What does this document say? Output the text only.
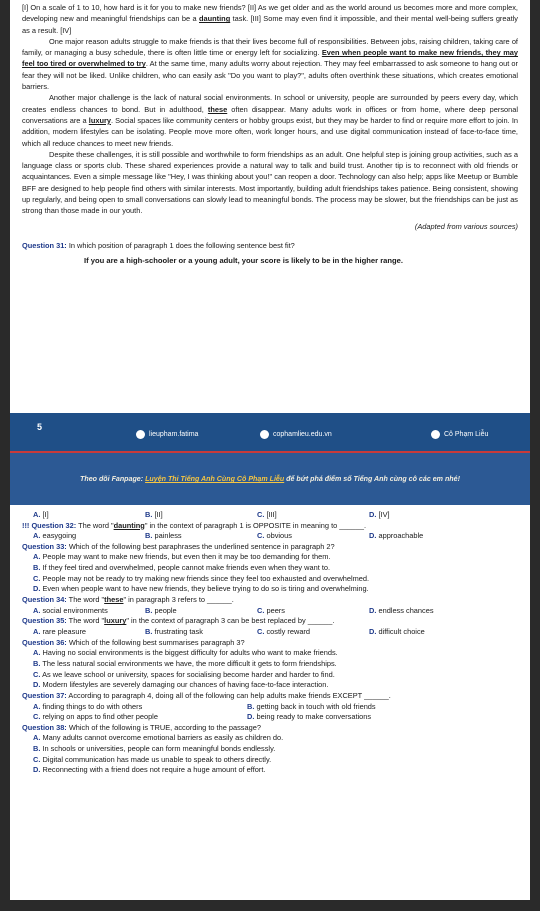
[I] On a scale of 1 to 10, how hard is it for you to make new friends? [II] As we get older and as the world around us becomes more and more complex, developing new and meaningful friendships can be a daunting task. [III] Some may even find it impossible, and their mental well-being suffers greatly as a result. [IV]

One major reason adults struggle to make friends is that their lives become full of responsibilities. Between jobs, raising children, taking care of family, or managing a busy schedule, there is often little time or energy left for socializing. Even when people want to make new friends, they may feel too tired or overwhelmed to try. At the same time, many adults worry about rejection. They may feel embarrassed to ask someone to hang out or fear they will not be liked. Unlike children, who can easily ask "Do you want to play?", adults often overthink these situations, which creates emotional barriers.

Another major challenge is the lack of natural social environments. In school or university, people are surrounded by peers every day, which creates endless chances to bond. But in adulthood, these often disappear. Many adults work in offices or from home, where deep personal conversations are a luxury. Social spaces like community centers or hobby groups exist, but they may be harder to find or require more effort to join. In addition, modern lifestyles can be isolating. People move more often, work longer hours, and use digital communication instead of face-to-face time, which all reduce chances to meet new friends.

Despite these challenges, it is still possible and worthwhile to form friendships as an adult. One helpful step is joining group activities, such as a language class or sports club. These shared experiences provide a natural way to talk and build trust. Another tip is to reconnect with old friends or acquaintances. Even a simple message like "Hey, I was thinking about you!" can reopen a door. Technology can also help; apps like Meetup or Bumble BFF are designed to help people find others with similar interests. Most importantly, building adult friendships takes patience. Being consistent, showing up regularly, and being open to small conversations can slowly lead to meaningful bonds. The process may be slower, but the friendships can be just as strong than those made in our youth.

(Adapted from various sources)

Question 31: In which position of paragraph 1 does the following sentence best fit?

If you are a high-schooler or a young adult, your score is likely to be in the higher range.
5
lieupham.fatima	cophamlieu.edu.vn	Cô Phạm Liễu
Theo dõi Fanpage: Luyện Thi Tiếng Anh Cùng Cô Phạm Liễu để bứt phá điểm số Tiếng Anh cùng cô các em nhé!
A. [I]	B. [II]	C. [III]	D. [IV]

!!! Question 32: The word "daunting" in the context of paragraph 1 is OPPOSITE in meaning to ______.

A. easygoing	B. painless	C. obvious	D. approachable

Question 33: Which of the following best paraphrases the underlined sentence in paragraph 2?

A. People may want to make new friends, but even then it may be too demanding for them.
B. If they feel tired and overwhelmed, people cannot make friends even when they want to.
C. People may not be ready to try making new friends since they feel too exhausted and overwhelmed.
D. Even when people want to have new friends, they believe trying to do so is tiring and overwhelming.

Question 34: The word "these" in paragraph 3 refers to ______.

A. social environments	B. people	C. peers	D. endless chances

Question 35: The word "luxury" in the context of paragraph 3 can be best replaced by ______.

A. rare pleasure	B. frustrating task	C. costly reward	D. difficult choice

Question 36: Which of the following best summarises paragraph 3?

A. Having no social environments is the biggest difficulty for adults who want to make friends.
B. The less natural social environments we have, the more difficult it gets to form friendships.
C. As we leave school or university, spaces for socialising become harder and harder to find.
D. Modern lifestyles are severely damaging our chances of having face-to-face interaction.

Question 37: According to paragraph 4, doing all of the following can help adults make friends EXCEPT ______.

A. finding things to do with others	B. getting back in touch with old friends
C. relying on apps to find other people	D. being ready to make conversations

Question 38: Which of the following is TRUE, according to the passage?

A. Many adults cannot overcome emotional barriers as easily as children do.
B. In schools or universities, people can form meaningful bonds endlessly.
C. Digital communication has made us unable to speak to others directly.
D. Reconnecting with a friend does not require a huge amount of effort.
